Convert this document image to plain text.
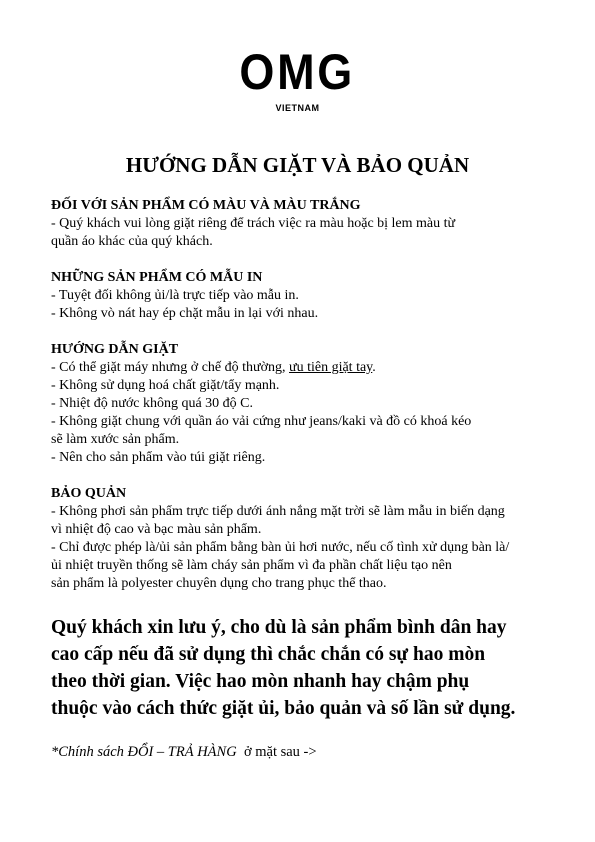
OMG
VIETNAM
HƯỚNG DẪN GIẶT VÀ BẢO QUẢN
ĐỐI VỚI SẢN PHẨM CÓ MÀU VÀ MÀU TRẮNG
- Quý khách vui lòng giặt riêng để trách việc ra màu hoặc bị lem màu từ
quần áo khác của quý khách.
NHỮNG SẢN PHẨM CÓ MẪU IN
- Tuyệt đối không ủi/là trực tiếp vào mẫu in.
- Không vò nát hay ép chặt mẫu in lại với nhau.
HƯỚNG DẪN GIẶT
- Có thể giặt máy nhưng ở chế độ thường, ưu tiên giặt tay.
- Không sử dụng hoá chất giặt/tẩy mạnh.
- Nhiệt độ nước không quá 30 độ C.
- Không giặt chung với quần áo vải cứng như jeans/kaki và đồ có khoá kéo
sẽ làm xước sản phẩm.
- Nên cho sản phẩm vào túi giặt riêng.
BẢO QUẢN
- Không phơi sản phẩm trực tiếp dưới ánh nắng mặt trời sẽ làm mẫu in biến dạng
vì nhiệt độ cao và bạc màu sản phẩm.
- Chỉ được phép là/ủi sản phẩm bằng bàn ủi hơi nước, nếu cố tình xử dụng bàn là/
ủi nhiệt truyền thống sẽ làm cháy sản phẩm vì đa phần chất liệu tạo nên
sản phẩm là polyester chuyên dụng cho trang phục thể thao.
Quý khách xin lưu ý, cho dù là sản phẩm bình dân hay
cao cấp nếu đã sử dụng thì chắc chắn có sự hao mòn
theo thời gian. Việc hao mòn nhanh hay chậm phụ
thuộc vào cách thức giặt ủi, bảo quản và số lần sử dụng.
*Chính sách ĐỔI – TRẢ HÀNG  ở mặt sau ->
